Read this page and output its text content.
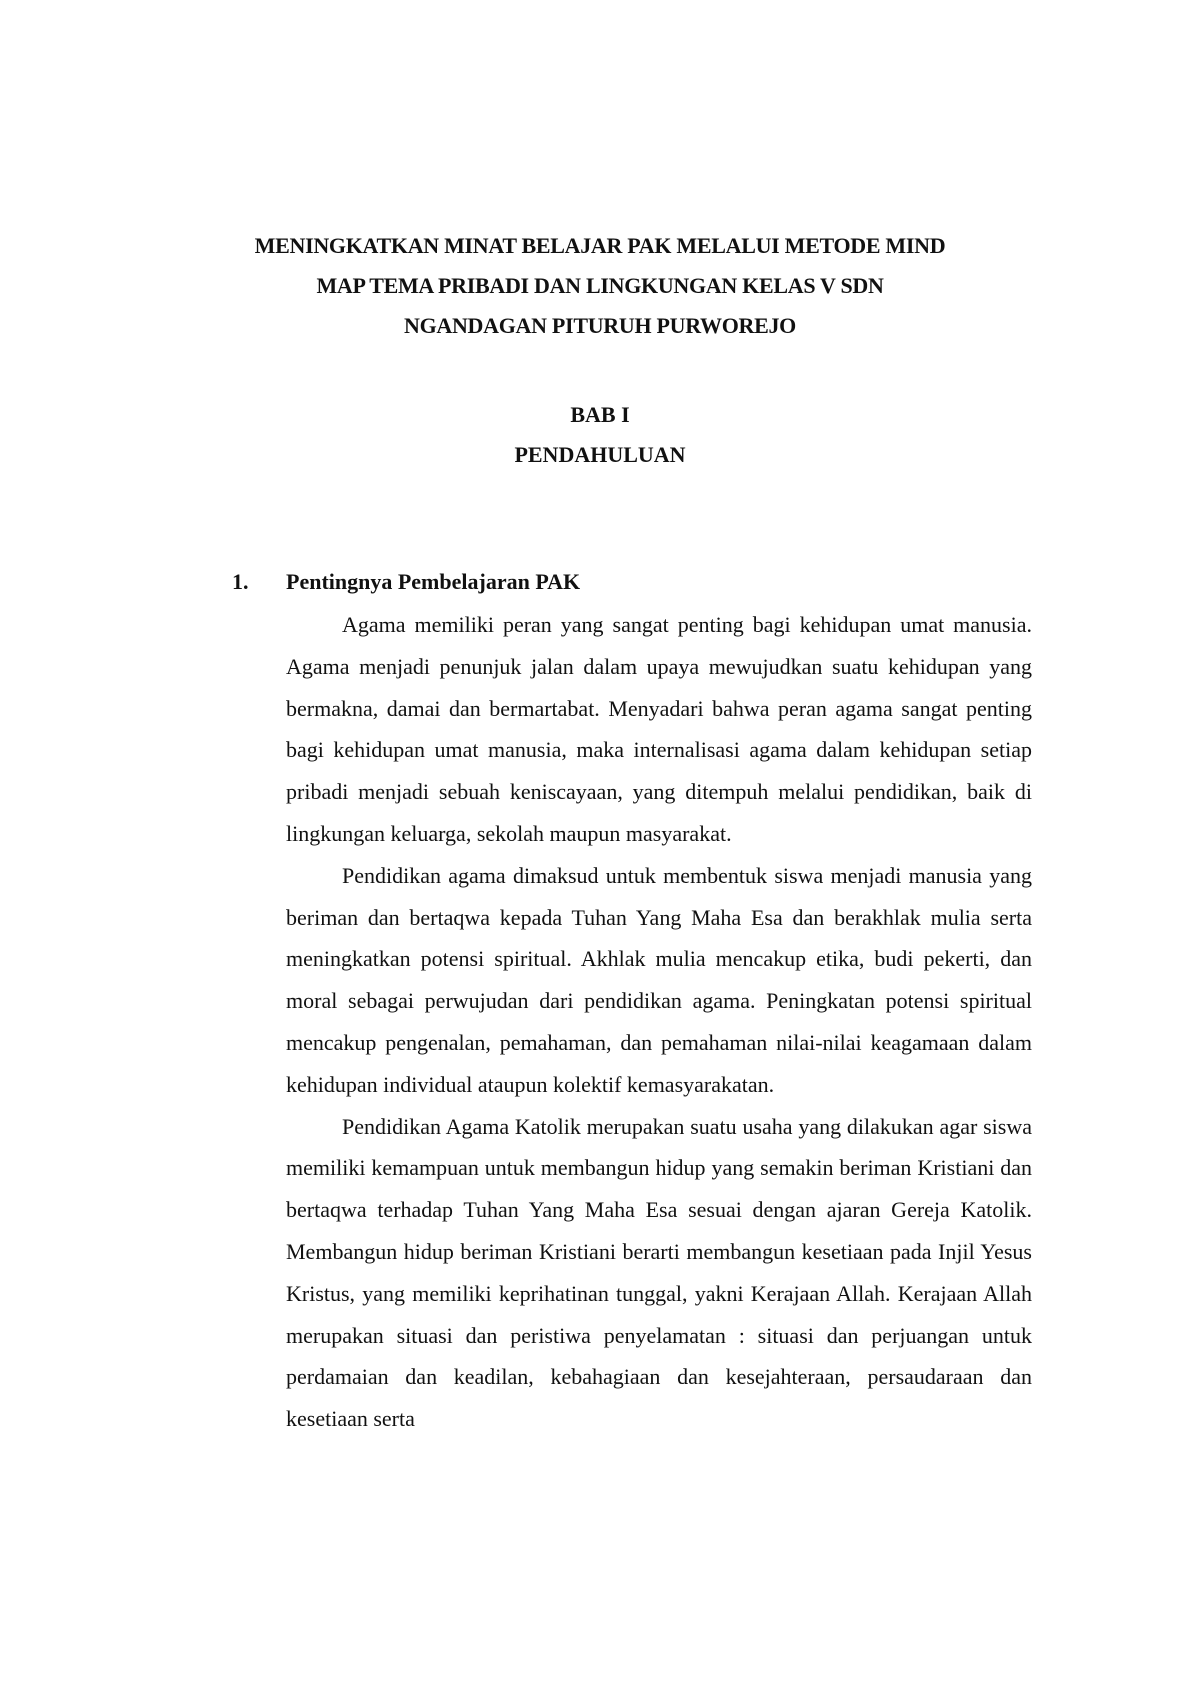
MENINGKATKAN MINAT BELAJAR PAK MELALUI METODE MIND
MAP TEMA PRIBADI DAN LINGKUNGAN KELAS V SDN
NGANDAGAN PITURUH PURWOREJO
BAB I
PENDAHULUAN
1. Pentingnya Pembelajaran PAK

Agama memiliki peran yang sangat penting bagi kehidupan umat manusia. Agama menjadi penunjuk jalan dalam upaya mewujudkan suatu kehidupan yang bermakna, damai dan bermartabat. Menyadari bahwa peran agama sangat penting bagi kehidupan umat manusia, maka internalisasi agama dalam kehidupan setiap pribadi menjadi sebuah keniscayaan, yang ditempuh melalui pendidikan, baik di lingkungan keluarga, sekolah maupun masyarakat.

Pendidikan agama dimaksud untuk membentuk siswa menjadi manusia yang beriman dan bertaqwa kepada Tuhan Yang Maha Esa dan berakhlak mulia serta meningkatkan potensi spiritual. Akhlak mulia mencakup etika, budi pekerti, dan moral sebagai perwujudan dari pendidikan agama. Peningkatan potensi spiritual mencakup pengenalan, pemahaman, dan pemahaman nilai-nilai keagamaan dalam kehidupan individual ataupun kolektif kemasyarakatan.

Pendidikan Agama Katolik merupakan suatu usaha yang dilakukan agar siswa memiliki kemampuan untuk membangun hidup yang semakin beriman Kristiani dan bertaqwa terhadap Tuhan Yang Maha Esa sesuai dengan ajaran Gereja Katolik. Membangun hidup beriman Kristiani berarti membangun kesetiaan pada Injil Yesus Kristus, yang memiliki keprihatinan tunggal, yakni Kerajaan Allah. Kerajaan Allah merupakan situasi dan peristiwa penyelamatan : situasi dan perjuangan untuk perdamaian dan keadilan, kebahagiaan dan kesejahteraan, persaudaraan dan kesetiaan serta
